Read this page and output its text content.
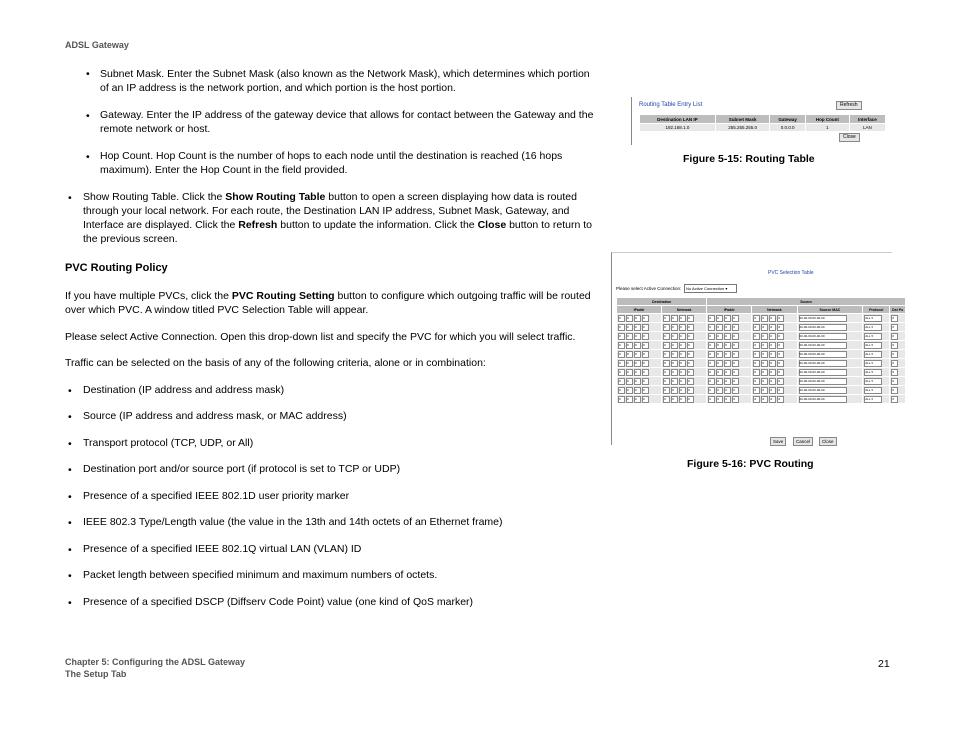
ADSL Gateway
• Subnet Mask. Enter the Subnet Mask (also known as the Network Mask), which determines which portion
of an IP address is the network portion, and which portion is the host portion.
• Gateway. Enter the IP address of the gateway device that allows for contact between the Gateway and the
remote network or host.
• Hop Count. Hop Count is the number of hops to each node until the destination is reached (16 hops
maximum). Enter the Hop Count in the field provided.
• Show Routing Table. Click the Show Routing Table button to open a screen displaying how data is routed
through your local network. For each route, the Destination LAN IP address, Subnet Mask, Gateway, and
Interface are displayed. Click the Refresh button to update the information. Click the Close button to return to
the previous screen.
PVC Routing Policy
If you have multiple PVCs, click the PVC Routing Setting button to configure which outgoing traffic will be routed
over which PVC. A window titled PVC Selection Table will appear.
Please select Active Connection. Open this drop-down list and specify the PVC for which you will select traffic.
Traffic can be selected on the basis of any of the following criteria, alone or in combination:
• Destination (IP address and address mask)
• Source (IP address and address mask, or MAC address)
• Transport protocol (TCP, UDP, or All)
• Destination port and/or source port (if protocol is set to TCP or UDP)
• Presence of a specified IEEE 802.1D user priority marker
• IEEE 802.3 Type/Length value (the value in the 13th and 14th octets of an Ethernet frame)
• Presence of a specified IEEE 802.1Q virtual LAN (VLAN) ID
• Packet length between specified minimum and maximum numbers of octets.
• Presence of a specified DSCP (Diffserv Code Point) value (one kind of QoS marker)
Routing Table Entry List	Refresh
Destination LAN IP	Subnet Mask	Gateway	Hop Count	Interface
192.168.1.0	255.255.255.0	0.0.0.0	1	LAN
Close
Figure 5-15: Routing Table
PVC Selection Table
Please select Active Connection:	No Active Connection ▾
Destination		Source				
IPaddr	Netmask	IPaddr	Netmask	Source MAC	Protocol	Dst Po
0 0 0 0	0 0 0 0	0 0 0 0	0 0 0 0	00-00-00-00-00-00	ALL ▾	0
0 0 0 0	0 0 0 0	0 0 0 0	0 0 0 0	00-00-00-00-00-00	ALL ▾	0
0 0 0 0	0 0 0 0	0 0 0 0	0 0 0 0	00-00-00-00-00-00	ALL ▾	0
0 0 0 0	0 0 0 0	0 0 0 0	0 0 0 0	00-00-00-00-00-00	ALL ▾	0
0 0 0 0	0 0 0 0	0 0 0 0	0 0 0 0	00-00-00-00-00-00	ALL ▾	0
0 0 0 0	0 0 0 0	0 0 0 0	0 0 0 0	00-00-00-00-00-00	ALL ▾	0
0 0 0 0	0 0 0 0	0 0 0 0	0 0 0 0	00-00-00-00-00-00	ALL ▾	0
0 0 0 0	0 0 0 0	0 0 0 0	0 0 0 0	00-00-00-00-00-00	ALL ▾	0
0 0 0 0	0 0 0 0	0 0 0 0	0 0 0 0	00-00-00-00-00-00	ALL ▾	0
0 0 0 0	0 0 0 0	0 0 0 0	0 0 0 0	00-00-00-00-00-00	ALL ▾	0
Save	Cancel	Close
Figure 5-16: PVC Routing
Chapter 5: Configuring the ADSL Gateway
The Setup Tab
21
